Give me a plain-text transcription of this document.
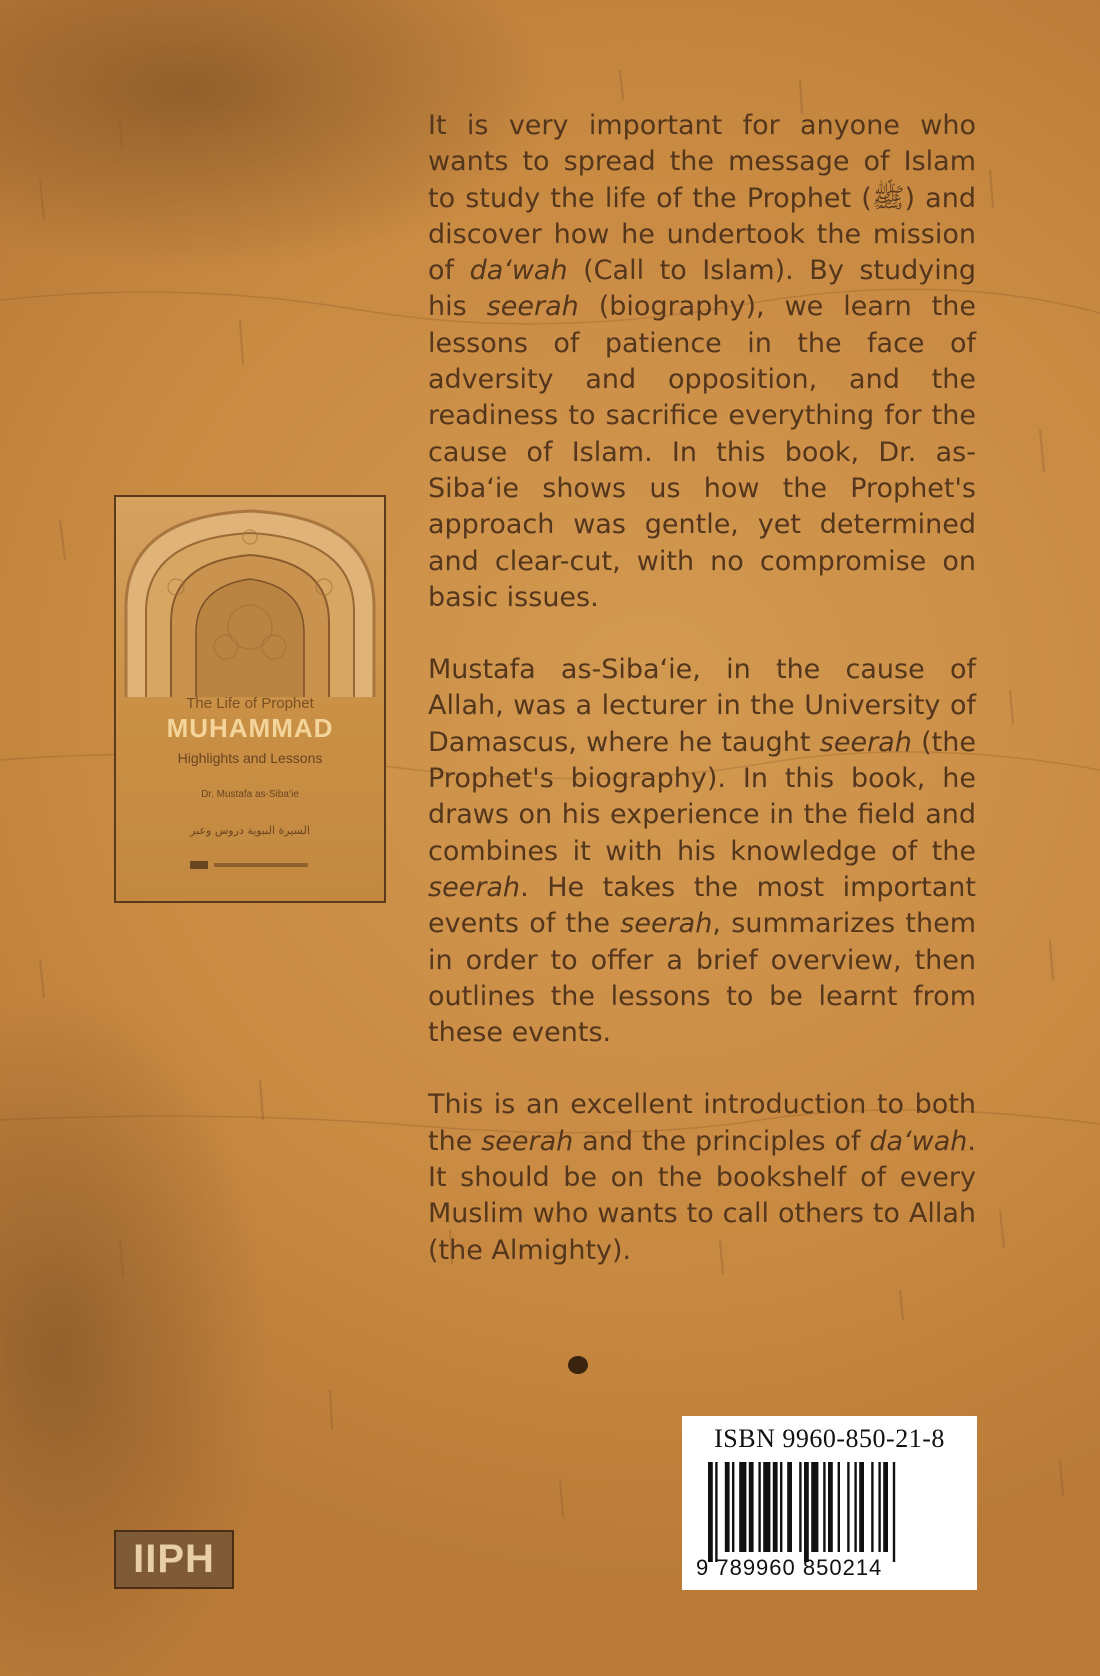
It is very important for anyone who wants to spread the message of Islam to study the life of the Prophet (ﷺ) and discover how he undertook the mission of da‘wah (Call to Islam). By studying his seerah (biography), we learn the lessons of patience in the face of adversity and opposition, and the readiness to sacrifice everything for the cause of Islam. In this book, Dr. as-Siba‘ie shows us how the Prophet's approach was gentle, yet determined and clear-cut, with no compromise on basic issues.

Mustafa as-Siba‘ie, in the cause of Allah, was a lecturer in the University of Damascus, where he taught seerah (the Prophet's biography). In this book, he draws on his experience in the field and combines it with his knowledge of the seerah. He takes the most important events of the seerah, summarizes them in order to offer a brief overview, then outlines the lessons to be learnt from these events.

This is an excellent introduction to both the seerah and the principles of da‘wah. It should be on the bookshelf of every Muslim who wants to call others to Allah (the Almighty).

The Life of Prophet
MUHAMMAD
Highlights and Lessons
Dr. Mustafa as-Siba‘ie
السيرة النبوية دروس وعبر
ISBN 9960-850-21-8
9 789960 850214
IIPH
